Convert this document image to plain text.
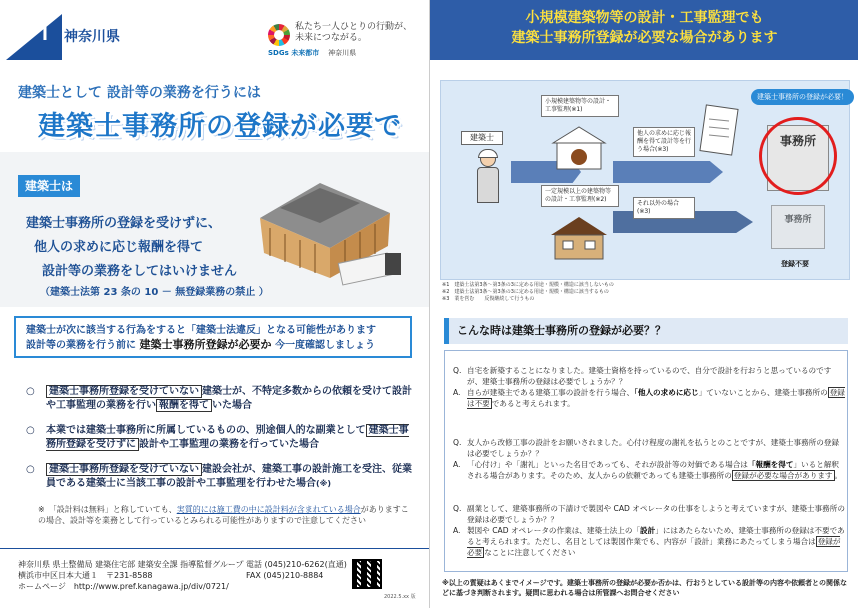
ꟾ	神奈川県
私たち一人ひとりの行動が、
未来につながる。
SDGs 未来都市 神奈川県
建築士として 設計等の業務を行うには
建築士事務所の登録が必要で
建築士は
建築士事務所の登録を受けずに、
他人の求めに応じ報酬を得て
設計等の業務をしてはいけません
（建築士法第 23 条の 10 － 無登録業務の禁止 ）
建築士が次に該当する行為をすると「建築士法違反」となる可能性があります
設計等の業務を行う前に 建築士事務所登録が必要か 今一度確認しましょう
○ 建築士事務所登録を受けていない 建築士が、不特定多数からの依頼を受けて設計や工事監理の業務を行い 報酬を得て いた場合
○ 本業では建築士事務所に所属しているものの、別途個人的な副業として 建築士事務所登録を受けずに 設計や工事監理の業務を行っていた場合
○ 建築士事務所登録を受けていない 建設会社が、建築工事の設計施工を受注、従業員である建築士に当該工事の設計や工事監理を行わせた場合(※)
※　「設計料は無料」と称していても、実質的には施工費の中に設計料が含まれている場合がありますこの場合、設計等を業務として行っているとみられる可能性がありますので注意してください
神奈川県 県土整備局 建築住宅部 建築安全課 指導監督グループ
横浜市中区日本大通１　〒231-8588
ホームページ　http://www.pref.kanagawa.jp/div/0721/
電話 (045)210-6262(直通)
FAX (045)210-8884
2022.5.xx 版
小規模建築物等の設計・工事監理でも
建築士事務所登録が必要な場合があります
建築士事務所の登録が必要！
建築士
小規模建築物等の設計・工事監理(※1)
一定規模以上の建築物等の設計・工事監理(※2)
他人の求めに応じ報酬を得て設計等を行う場合(※3)
それ以外の場合(※3)
事務所
事務所
登録不要
※1　建築士法第3条〜第3条の3に定める用途・規模・構造に該当しないもの
※2　建築士法第3条〜第3条の3に定める用途・規模・構造に該当するもの
※3　業を営む　　反復継続して行うもの
こんな時は建築士事務所の登録が必要？？
Q. 自宅を新築することになりました。建築士資格を持っているので、自分で設計を行おうと思っているのですが、建築士事務所の登録は必要でしょうか？？
A. 自らが建築主である建築工事の設計を行う場合、「他人の求めに応じ」ていないことから、建築士事務所の 登録は不要 であると考えられます。
Q. 友人から改修工事の設計をお願いされました。心付け程度の謝礼を払うとのことですが、建築士事務所の登録は必要でしょうか？？
A. 「心付け」や「謝礼」といった名目であっても、それが設計等の対価である場合は「報酬を得て」いると解釈される場合があります。そのため、友人からの依頼であっても建築士事務所の 登録が必要な場合があります 。
Q. 副業として、建築事務所の下請けで製図や CAD オペレータの仕事をしようと考えていますが、建築士事務所の登録は必要でしょうか？？
A. 製図や CAD オペレータの作業は、建築士法上の「設計」にはあたらないため、建築士事務所の登録は不要であると考えられます。ただし、名目としては製図作業でも、内容が「設計」業務にあたってしまう場合は 登録が必要 なことに注意してください
※以上の質疑はあくまでイメージです。建築士事務所の登録が必要か否かは、行おうとしている設計等の内容や依頼者との関係などに基づき判断されます。疑問に思われる場合は所管課へお問合せください
